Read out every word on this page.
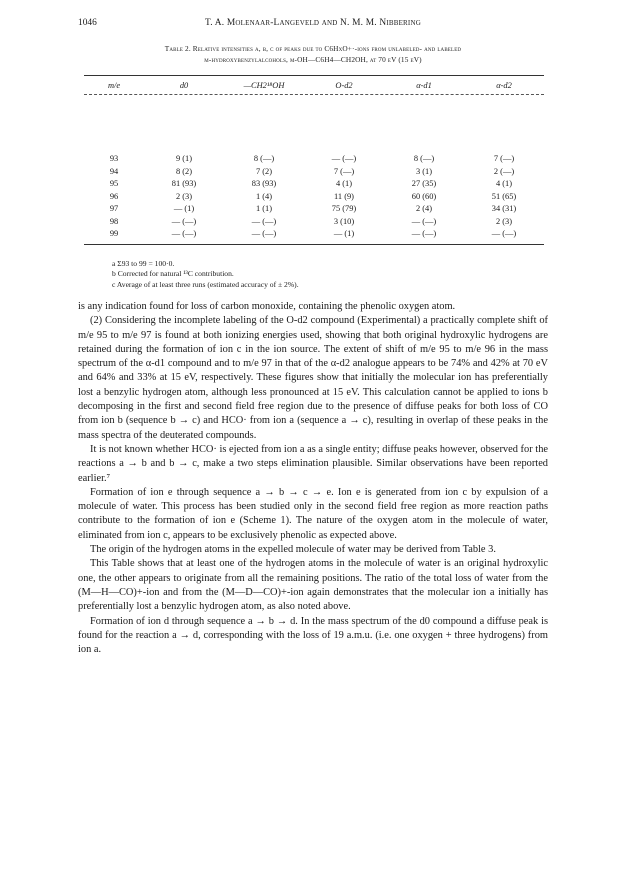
1046	T. A. Molenaar-Langeveld and N. M. M. Nibbering
Table 2. Relative intensities a, b, c of peaks due to C6HxO+·-ions from unlabeled- and labeled
m-hydroxybenzylalcohols, m-OH—C6H4—CH2OH, at 70 eV (15 eV)
m/e	d0	—CH2¹⁸OH	O-d2	α-d1	α-d2
93	9 (1)	8 (—)	— (—)	8 (—)	7 (—)
94	8 (2)	7 (2)	7 (—)	3 (1)	2 (—)
95	81 (93)	83 (93)	4 (1)	27 (35)	4 (1)
96	2 (3)	1 (4)	11 (9)	60 (60)	51 (65)
97	— (1)	1 (1)	75 (79)	2 (4)	34 (31)
98	— (—)	— (—)	3 (10)	— (—)	2 (3)
99	— (—)	— (—)	— (1)	— (—)	— (—)
a Σ93 to 99 = 100·0.
b Corrected for natural ¹³C contribution.
c Average of at least three runs (estimated accuracy of ± 2%).

is any indication found for loss of carbon monoxide, containing the phenolic oxygen atom.

(2) Considering the incomplete labeling of the O-d2 compound (Experimental) a practically complete shift of m/e 95 to m/e 97 is found at both ionizing energies used, showing that both original hydroxylic hydrogens are retained during the formation of ion c in the ion source. The extent of shift of m/e 95 to m/e 96 in the mass spectrum of the α-d1 compound and to m/e 97 in that of the α-d2 analogue appears to be 74% and 42% at 70 eV and 64% and 33% at 15 eV, respectively. These figures show that initially the molecular ion has preferentially lost a benzylic hydrogen atom, although less pronounced at 15 eV. This calculation cannot be applied to ions b decomposing in the first and second field free region due to the presence of diffuse peaks for both loss of CO from ion b (sequence b → c) and HCO· from ion a (sequence a → c), resulting in overlap of these peaks in the mass spectra of the deuterated compounds.

It is not known whether HCO· is ejected from ion a as a single entity; diffuse peaks however, observed for the reactions a → b and b → c, make a two steps elimination plausible. Similar observations have been reported earlier.⁷

Formation of ion e through sequence a → b → c → e. Ion e is generated from ion c by expulsion of a molecule of water. This process has been studied only in the second field free region as more reaction paths contribute to the formation of ion e (Scheme 1). The nature of the oxygen atom in the molecule of water, eliminated from ion c, appears to be exclusively phenolic as expected above.

The origin of the hydrogen atoms in the expelled molecule of water may be derived from Table 3.

This Table shows that at least one of the hydrogen atoms in the molecule of water is an original hydroxylic one, the other appears to originate from all the remaining positions. The ratio of the total loss of water from the (M—H—CO)+-ion and from the (M—D—CO)+-ion again demonstrates that the molecular ion a initially has preferentially lost a benzylic hydrogen atom, as also noted above.

Formation of ion d through sequence a → b → d. In the mass spectrum of the d0 compound a diffuse peak is found for the reaction a → d, corresponding with the loss of 19 a.m.u. (i.e. one oxygen + three hydrogens) from ion a.
